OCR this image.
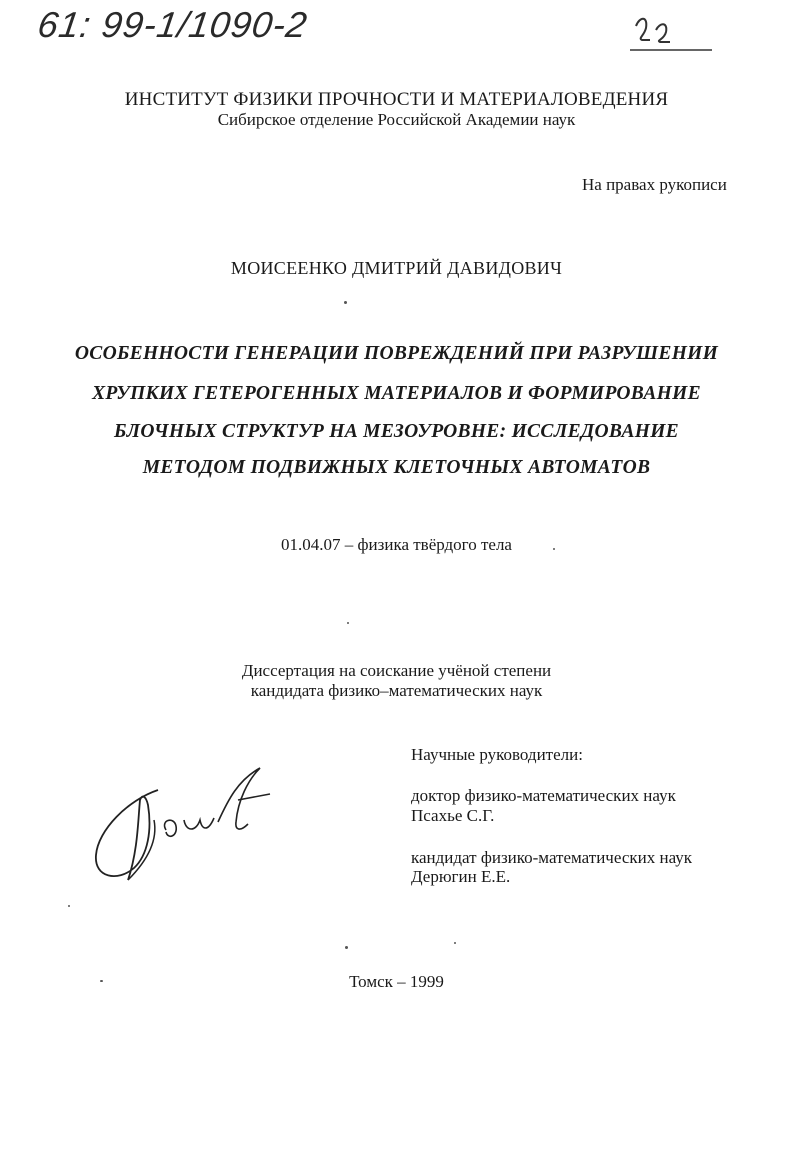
61: 99-1/1090-2
ИНСТИТУТ ФИЗИКИ ПРОЧНОСТИ И МАТЕРИАЛОВЕДЕНИЯ
Сибирское отделение Российской Академии наук
На правах рукописи
МОИСЕЕНКО ДМИТРИЙ ДАВИДОВИЧ
ОСОБЕННОСТИ ГЕНЕРАЦИИ ПОВРЕЖДЕНИЙ ПРИ РАЗРУШЕНИИ
ХРУПКИХ ГЕТЕРОГЕННЫХ МАТЕРИАЛОВ И ФОРМИРОВАНИЕ
БЛОЧНЫХ СТРУКТУР НА МЕЗОУРОВНЕ: ИССЛЕДОВАНИЕ
МЕТОДОМ ПОДВИЖНЫХ КЛЕТОЧНЫХ АВТОМАТОВ
01.04.07 – физика твёрдого тела
Диссертация на соискание учёной степени
кандидата физико–математических наук
Научные руководители:
доктор физико-математических наук
Псахье С.Г.
кандидат физико-математических наук
Дерюгин Е.Е.
Томск – 1999
